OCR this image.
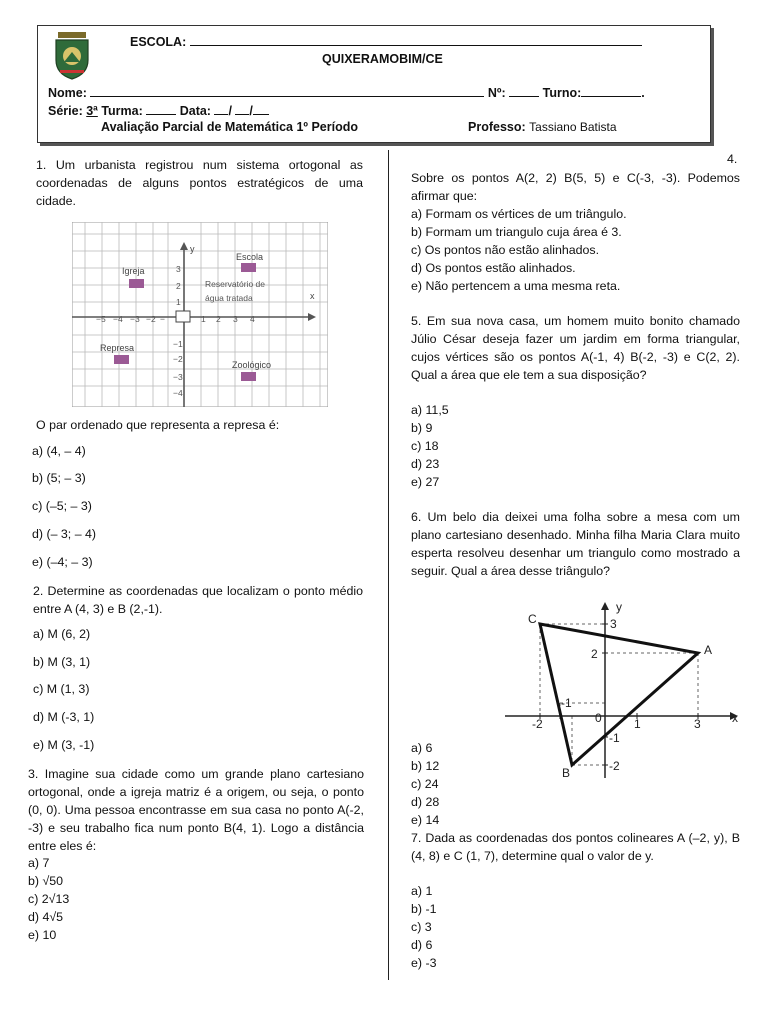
ESCOLA:
QUIXERAMOBIM/CE
Nome:	Nº:	Turno:	.
Série: 3ª Turma:	Data: / /
Avaliação Parcial de Matemática 1º Período	Professo: Tassiano Batista
1. Um urbanista registrou num sistema ortogonal as coordenadas de alguns pontos estratégicos de uma cidade.
y
x
−5 −4 −3 −2 −	1 2 3 4
3
2
1
−1
−2
−3
−4
Igreja
Escola
Reservatório de
água tratada
Represa
Zoológico
O par ordenado que representa a represa é:
a) (4, – 4)
b) (5; – 3)
c) (–5; – 3)
d) (– 3; – 4)
e) (–4; – 3)
2. Determine as coordenadas que localizam o ponto médio entre A (4, 3) e B (2,-1).
a) M (6, 2)
b) M (3, 1)
c) M (1, 3)
d) M (-3, 1)
e) M (3, -1)
3. Imagine sua cidade como um grande plano cartesiano ortogonal, onde a igreja matriz é a origem, ou seja, o ponto (0, 0). Uma pessoa encontrasse em sua casa no ponto A(-2, -3) e seu trabalho fica num ponto B(4, 1). Logo a distância entre eles é:
a) 7
b) √50
c) 2√13
d) 4√5
e) 10
4.
Sobre os pontos A(2, 2) B(5, 5) e C(-3, -3). Podemos afirmar que:
a) Formam os vértices de um triângulo.
b) Formam um triangulo cuja área é 3.
c) Os pontos não estão alinhados.
d) Os pontos estão alinhados.
e) Não pertencem a uma mesma reta.
5. Em sua nova casa, um homem muito bonito chamado Júlio César deseja fazer um jardim em forma triangular, cujos vértices são os pontos A(-1, 4) B(-2, -3) e C(2, 2). Qual a área que ele tem a sua disposição?
a) 11,5
b) 9
c) 18
d) 23
e) 27
6. Um belo dia deixei uma folha sobre a mesa com um plano cartesiano desenhado. Minha filha Maria Clara muito esperta resolveu desenhar um triangulo como mostrado a seguir. Qual a área desse triângulo?
C
A
B
y
x
3
2
-1
-2
-2
-1
0	1	3
a) 6
b) 12
c) 24
d) 28
e) 14
7. Dada as coordenadas dos pontos colineares A (–2, y), B (4, 8) e C (1, 7), determine qual o valor de y.
a) 1
b) -1
c) 3
d) 6
e) -3
